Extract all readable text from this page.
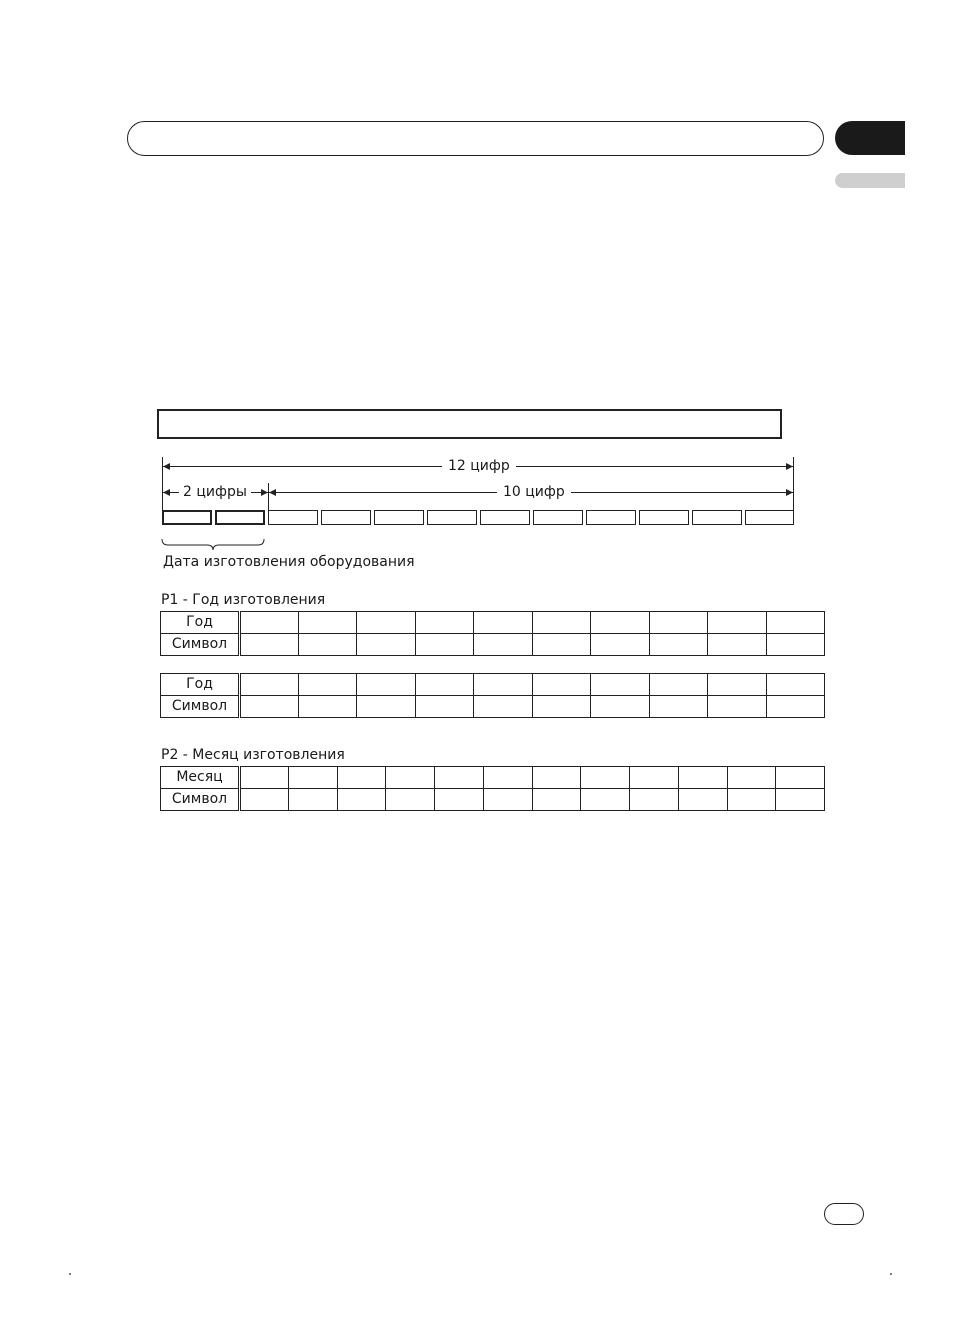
12 цифр
2 цифры	10 цифр
Дата изготовления оборудования
P1 - Год изготовления
Год										
Символ										
Год										
Символ										
P2 - Месяц изготовления
Месяц												
Символ												
